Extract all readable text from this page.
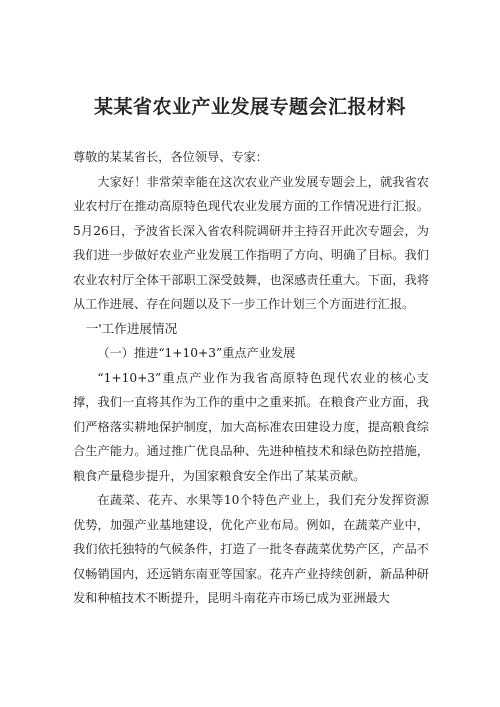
某某省农业产业发展专题会汇报材料

尊敬的某某省长，各位领导、专家：

大家好！非常荣幸能在这次农业产业发展专题会上，就我省农业农村厅在推动高原特色现代农业发展方面的工作情况进行汇报。5月26日，予波省长深入省农科院调研并主持召开此次专题会，为我们进一步做好农业产业发展工作指明了方向、明确了目标。我们农业农村厅全体干部职工深受鼓舞，也深感责任重大。下面，我将从工作进展、存在问题以及下一步工作计划三个方面进行汇报。

一'工作进展情况

（一）推进“1+10+3”重点产业发展

“1+10+3”重点产业作为我省高原特色现代农业的核心支撑，我们一直将其作为工作的重中之重来抓。在粮食产业方面，我们严格落实耕地保护制度，加大高标准农田建设力度，提高粮食综合生产能力。通过推广优良品种、先进种植技术和绿色防控措施，粮食产量稳步提升，为国家粮食安全作出了某某贡献。

在蔬菜、花卉、水果等10个特色产业上，我们充分发挥资源优势，加强产业基地建设，优化产业布局。例如，在蔬菜产业中，我们依托独特的气候条件，打造了一批冬春蔬菜优势产区，产品不仅畅销国内，还远销东南亚等国家。花卉产业持续创新，新品种研发和种植技术不断提升，昆明斗南花卉市场已成为亚洲最大
